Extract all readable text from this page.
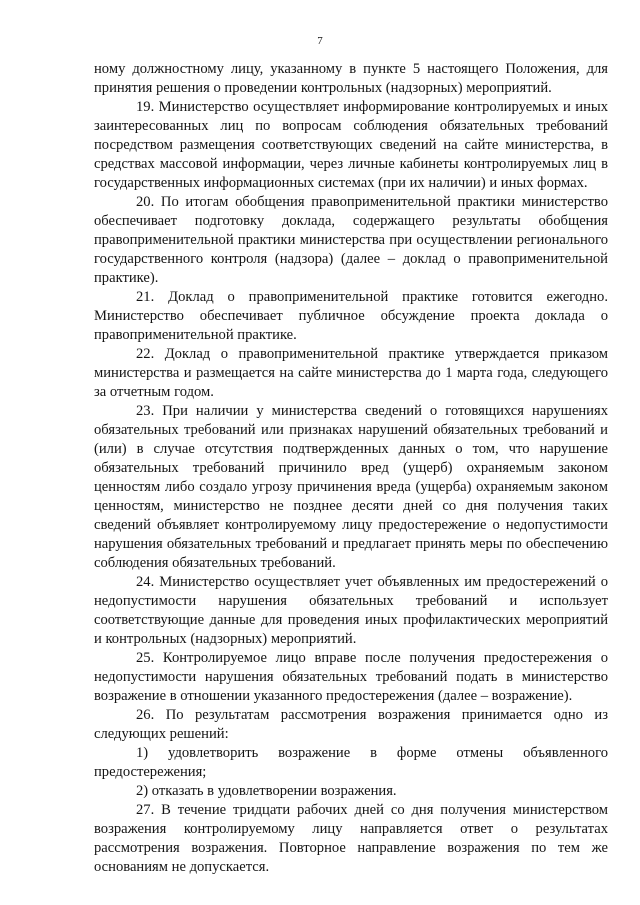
7

ному должностному лицу, указанному в пункте 5 настоящего Положения, для принятия решения о проведении контрольных (надзорных) мероприятий.

19. Министерство осуществляет информирование контролируемых и иных заинтересованных лиц по вопросам соблюдения обязательных требований посредством размещения соответствующих сведений на сайте министерства, в средствах массовой информации, через личные кабинеты контролируемых лиц в государственных информационных системах (при их наличии) и иных формах.

20. По итогам обобщения правоприменительной практики министерство обеспечивает подготовку доклада, содержащего результаты обобщения правоприменительной практики министерства при осуществлении регионального государственного контроля (надзора) (далее – доклад о правоприменительной практике).

21. Доклад о правоприменительной практике готовится ежегодно. Министерство обеспечивает публичное обсуждение проекта доклада о правоприменительной практике.

22. Доклад о правоприменительной практике утверждается приказом министерства и размещается на сайте министерства до 1 марта года, следующего за отчетным годом.

23. При наличии у министерства сведений о готовящихся нарушениях обязательных требований или признаках нарушений обязательных требований и (или) в случае отсутствия подтвержденных данных о том, что нарушение обязательных требований причинило вред (ущерб) охраняемым законом ценностям либо создало угрозу причинения вреда (ущерба) охраняемым законом ценностям, министерство не позднее десяти дней со дня получения таких сведений объявляет контролируемому лицу предостережение о недопустимости нарушения обязательных требований и предлагает принять меры по обеспечению соблюдения обязательных требований.

24. Министерство осуществляет учет объявленных им предостережений о недопустимости нарушения обязательных требований и использует соответствующие данные для проведения иных профилактических мероприятий и контрольных (надзорных) мероприятий.

25. Контролируемое лицо вправе после получения предостережения о недопустимости нарушения обязательных требований подать в министерство возражение в отношении указанного предостережения (далее – возражение).

26. По результатам рассмотрения возражения принимается одно из следующих решений:

1) удовлетворить возражение в форме отмены объявленного предостережения;

2) отказать в удовлетворении возражения.

27. В течение тридцати рабочих дней со дня получения министерством возражения контролируемому лицу направляется ответ о результатах рассмотрения возражения. Повторное направление возражения по тем же основаниям не допускается.
